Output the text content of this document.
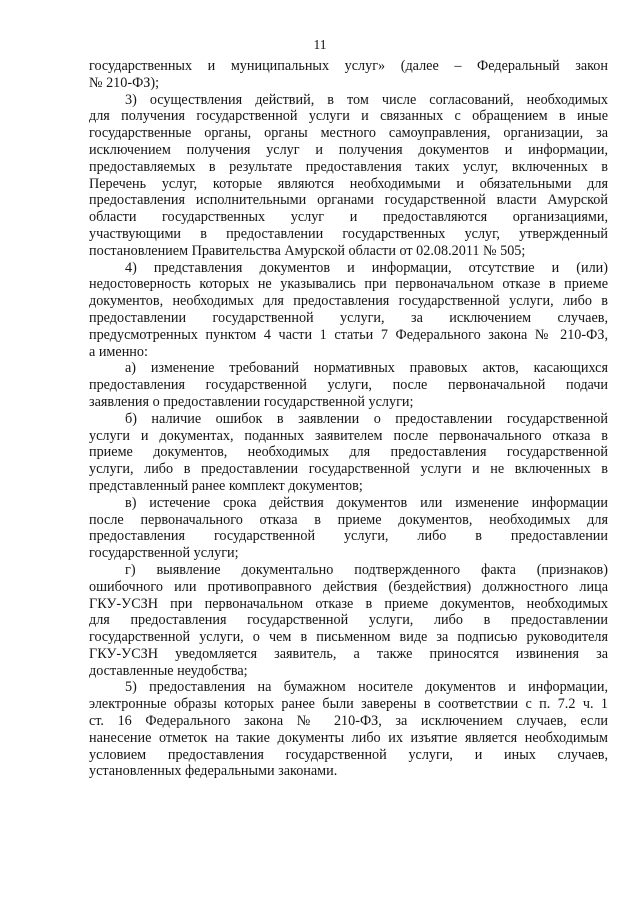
11

государственных и муниципальных услуг» (далее – Федеральный закон

№ 210-ФЗ);

3) осуществления действий, в том числе согласований, необходимых

для получения государственной услуги и связанных с обращением в иные

государственные органы, органы местного самоуправления, организации, за

исключением получения услуг и получения документов и информации,

предоставляемых в результате предоставления таких услуг, включенных в

Перечень услуг, которые являются необходимыми и обязательными для

предоставления исполнительными органами государственной власти Амурской

области государственных услуг и предоставляются организациями,

участвующими в предоставлении государственных услуг, утвержденный

постановлением Правительства Амурской области от 02.08.2011 № 505;

4) представления документов и информации, отсутствие и (или)

недостоверность которых не указывались при первоначальном отказе в приеме

документов, необходимых для предоставления государственной услуги, либо в

предоставлении государственной услуги, за исключением случаев,

предусмотренных пунктом 4 части 1 статьи 7 Федерального закона № 210-ФЗ,

а именно:

а) изменение требований нормативных правовых актов, касающихся

предоставления государственной услуги, после первоначальной подачи

заявления о предоставлении государственной услуги;

б) наличие ошибок в заявлении о предоставлении государственной

услуги и документах, поданных заявителем после первоначального отказа в

приеме документов, необходимых для предоставления государственной

услуги, либо в предоставлении государственной услуги и не включенных в

представленный ранее комплект документов;

в) истечение срока действия документов или изменение информации

после первоначального отказа в приеме документов, необходимых для

предоставления государственной услуги, либо в предоставлении

государственной услуги;

г) выявление документально подтвержденного факта (признаков)

ошибочного или противоправного действия (бездействия) должностного лица

ГКУ-УСЗН при первоначальном отказе в приеме документов, необходимых

для предоставления государственной услуги, либо в предоставлении

государственной услуги, о чем в письменном виде за подписью руководителя

ГКУ-УСЗН уведомляется заявитель, а также приносятся извинения за

доставленные неудобства;

5) предоставления на бумажном носителе документов и информации,

электронные образы которых ранее были заверены в соответствии с п. 7.2 ч. 1

ст. 16 Федерального закона № 210-ФЗ, за исключением случаев, если

нанесение отметок на такие документы либо их изъятие является необходимым

условием предоставления государственной услуги, и иных случаев,

установленных федеральными законами.
